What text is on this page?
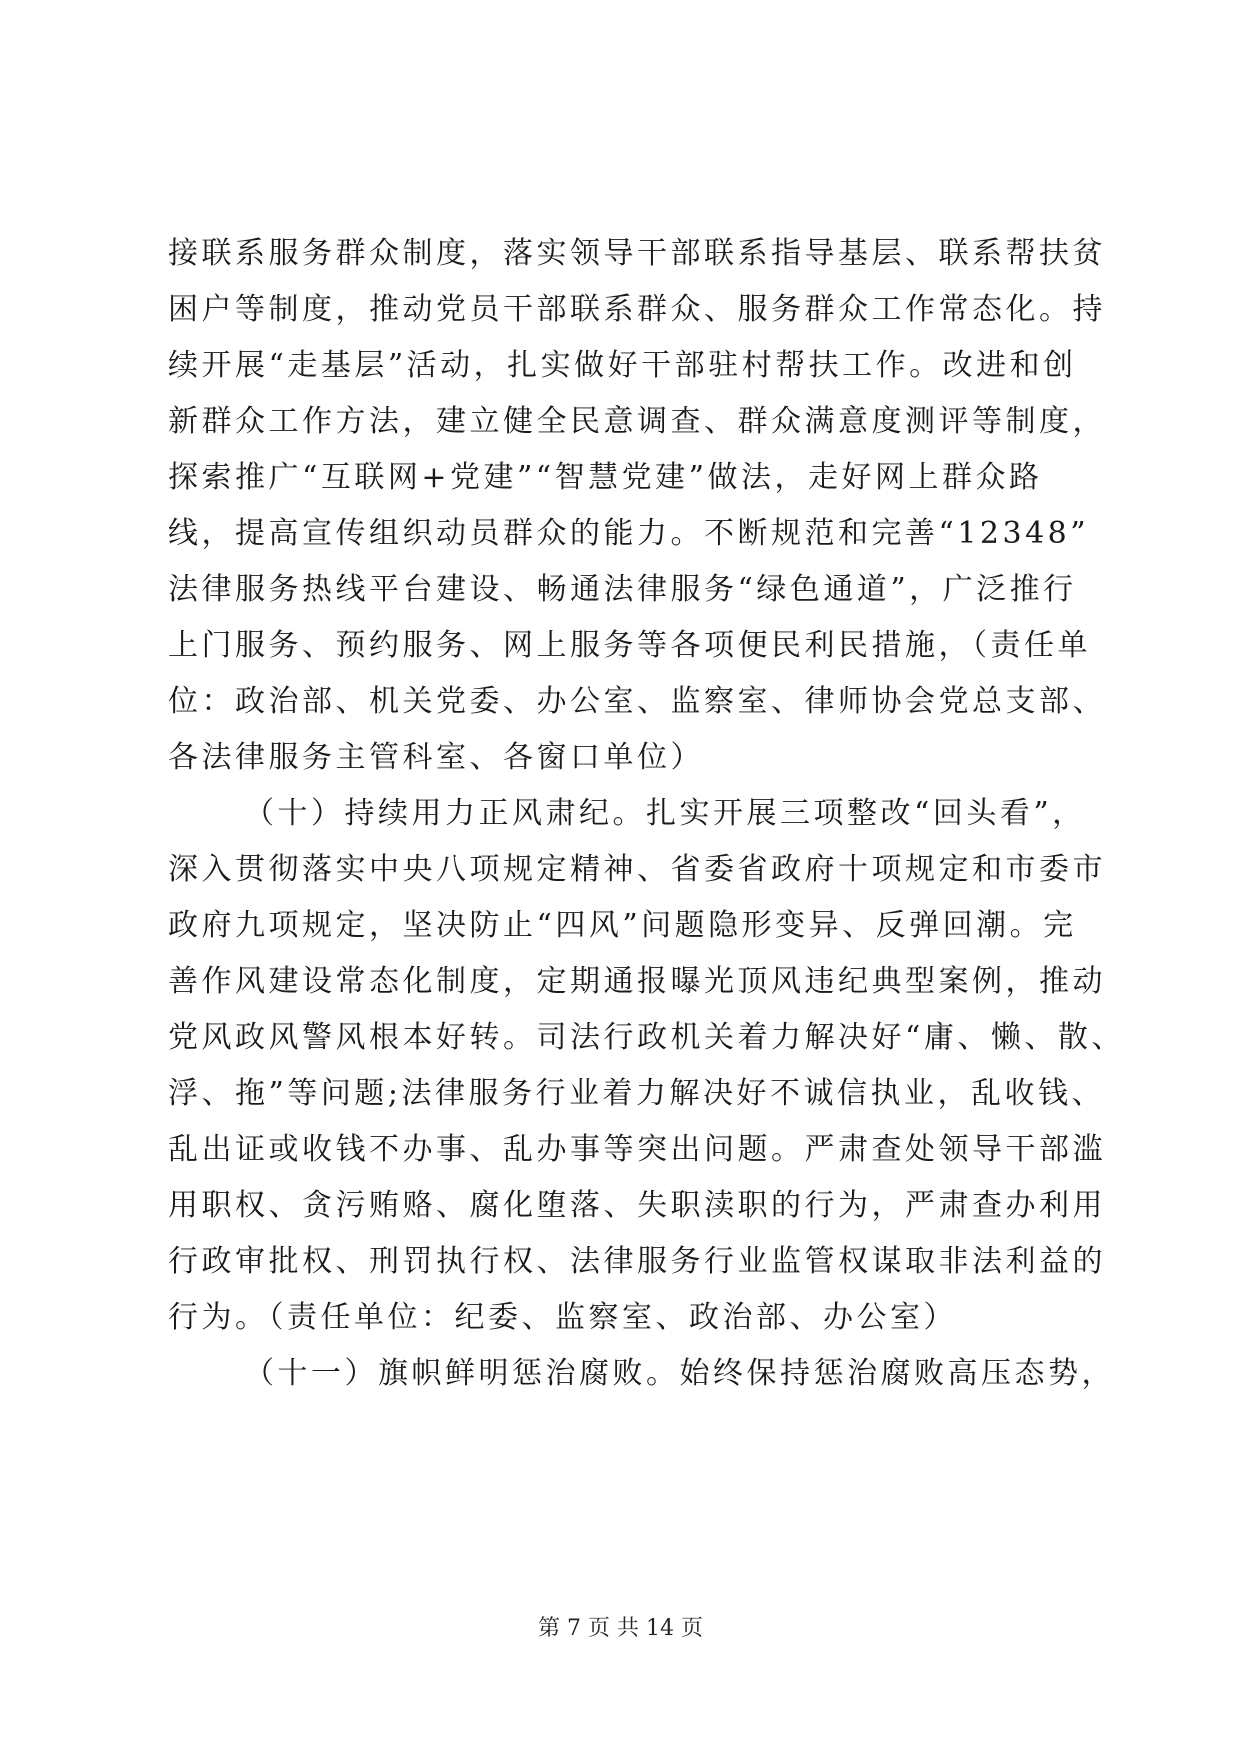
接联系服务群众制度，落实领导干部联系指导基层、联系帮扶贫
困户等制度，推动党员干部联系群众、服务群众工作常态化。持
续开展“走基层”活动，扎实做好干部驻村帮扶工作。改进和创
新群众工作方法，建立健全民意调查、群众满意度测评等制度，
探索推广“互联网+党建”“智慧党建”做法，走好网上群众路
线，提高宣传组织动员群众的能力。不断规范和完善“12348”
法律服务热线平台建设、畅通法律服务“绿色通道”，广泛推行
上门服务、预约服务、网上服务等各项便民利民措施，（责任单
位：政治部、机关党委、办公室、监察室、律师协会党总支部、
各法律服务主管科室、各窗口单位）
（十）持续用力正风肃纪。扎实开展三项整改“回头看”，
深入贯彻落实中央八项规定精神、省委省政府十项规定和市委市
政府九项规定，坚决防止“四风”问题隐形变异、反弹回潮。完
善作风建设常态化制度，定期通报曝光顶风违纪典型案例，推动
党风政风警风根本好转。司法行政机关着力解决好“庸、懒、散、
浮、拖”等问题;法律服务行业着力解决好不诚信执业，乱收钱、
乱出证或收钱不办事、乱办事等突出问题。严肃查处领导干部滥
用职权、贪污贿赂、腐化堕落、失职渎职的行为，严肃查办利用
行政审批权、刑罚执行权、法律服务行业监管权谋取非法利益的
行为。（责任单位：纪委、监察室、政治部、办公室）
（十一）旗帜鲜明惩治腐败。始终保持惩治腐败高压态势，
第 7 页 共 14 页
